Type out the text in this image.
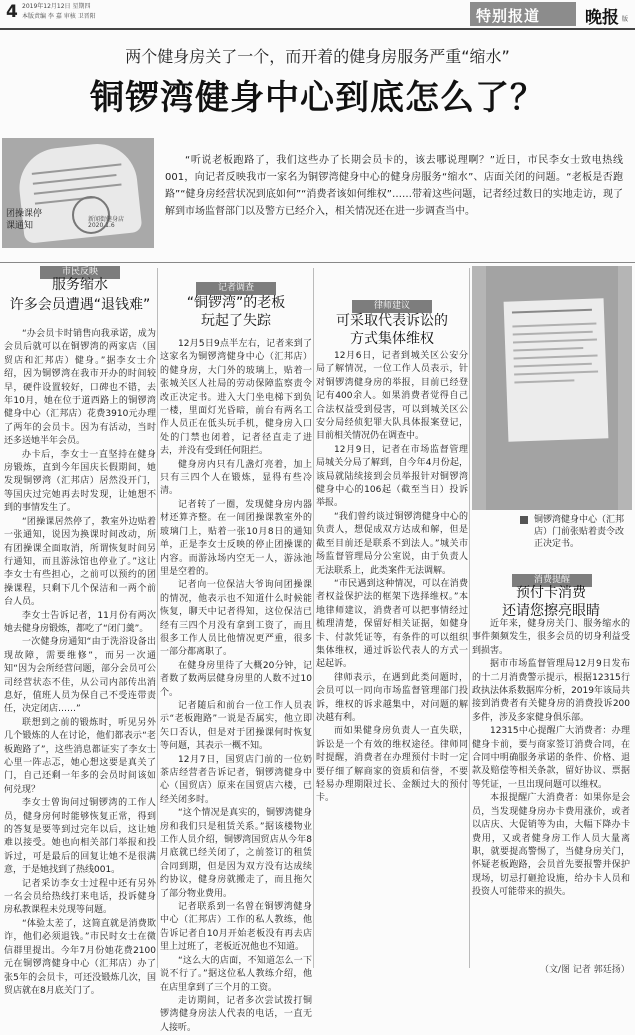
4 2019年12月12日 星期四
本版责编 李 嘉 审核 卫晋阳	特别报道	晚报 版
两个健身房关了一个，而开着的健身房服务严重“缩水”
铜锣湾健身中心到底怎么了？
团操课停
课通知
新闻街健身店
2020.1.6
“听说老板跑路了，我们这些办了长期会员卡的，该去哪说理啊？”近日，市民李女士致电热线001，向记者反映我市一家名为铜锣湾健身中心的健身房服务“缩水”、店面关闭的问题。“老板是否跑路”“健身房经营状况到底如何”“消费者该如何维权”……带着这些问题，记者经过数日的实地走访，现了解到市场监督部门以及警方已经介入，相关情况还在进一步调查当中。
市民反映
服务缩水
许多会员遭遇“退钱难”

“办会员卡时销售向我承诺，成为会员后就可以在铜锣湾的两家店（国贸店和汇邦店）健身。”据李女士介绍，因为铜锣湾在我市开办的时间较早，硬件设置较好，口碑也不错，去年10月，她在位于道西路上的铜锣湾健身中心（汇邦店）花费3910元办理了两年的会员卡。因为有活动，当时还多送她半年会员。

办卡后，李女士一直坚持在健身房锻炼，直到今年国庆长假期间，她发现铜锣湾（汇邦店）居然没开门，等国庆过完她再去时发现，让她想不到的事情发生了。

“团操课居然停了，教室外边贴着一张通知，说因为换课时间改动，所有团操课全面取消，所谓恢复时间另行通知，而且游泳馆也停业了。”这让李女士有些担心，之前可以预约的团操课程，只剩下几个保洁和一两个前台人员。

李女士告诉记者，11月份有两次她去健身房锻炼，都吃了“闭门羹”。

一次健身房通知“由于洗浴设备出现故障，需要维修”，而另一次通知“因为会所经营问题，部分会员可公司经营状态不佳，从公司内部传出消息好，值班人员为保自己不受连带责任，决定闭店……”

联想到之前的锻炼时，听见另外几个锻炼的人在讨论，他们都表示“老板跑路了”，这些消息都证实了李女士心里一阵忐忑，她心想这要是真关了门，自己还剩一年多的会员时间该如何兑现？

李女士曾询问过铜锣湾的工作人员，健身房何时能够恢复正常，得到的答复是要等到过完年以后，这让她难以接受。她也向相关部门举报和投诉过，可是最后的回复让她不是很满意，于是她找到了热线001。

记者采访李女士过程中还有另外一名会员给热线打来电话，投诉健身房私教课程未兑现等问题。

“体验太差了，这简直就是消费欺诈，他们必须退钱。”市民时女士在微信群里提出。今年7月份她花费2100元在铜锣湾健身中心（汇邦店）办了张5年的会员卡，可还没锻炼几次，国贸店就在8月底关门了。

记者调查
“铜锣湾”的老板
玩起了失踪

12月5日9点半左右，记者来到了这家名为铜锣湾健身中心（汇邦店）的健身房，大门外的玻璃上，贴着一张城关区人社局的劳动保障监察责令改正决定书。进入大门坐电梯下到负一楼，里面灯光昏暗，前台有两名工作人员正在低头玩手机，健身房入口处的门禁也闭着，记者径直走了进去，并没有受到任何阻拦。

健身房内只有几盏灯亮着，加上只有三四个人在锻炼，显得有些冷清。

记者转了一圈，发现健身房内器材还算齐整。在一间团操课教室外的玻璃门上，贴着一张10月8日的通知单，正是李女士反映的停止团操课的内容。而游泳场内空无一人，游泳池里是空着的。

记者向一位保洁大爷询问团操课的情况，他表示也不知道什么时候能恢复，聊天中记者得知，这位保洁已经有三四个月没有拿到工资了，而且很多工作人员比他情况更严重，很多一部分都离职了。

在健身房里待了大概20分钟，记者数了数两层健身房里的人数不过10个。

记者随后和前台一位工作人员表示“老板跑路”一说是否属实，他立即矢口否认，但是对于团操课何时恢复等问题，其表示一概不知。

12月7日，国贸店门前的一位奶茶店经营者告诉记者，铜锣湾健身中心（国贸店）原来在国贸店六楼，已经关闭多时。

“这个情况是真实的，铜锣湾健身房和我们只是租赁关系。”据该楼物业工作人员介绍，铜锣湾国贸店从今年8月底就已经关闭了，之前签订的租赁合同到期，但是因为双方没有达成续约协议，健身房就搬走了，而且拖欠了部分物业费用。

记者联系到一名曾在铜锣湾健身中心（汇邦店）工作的私人教练，他告诉记者自10月开始老板没有再去店里上过班了，老板近况他也不知道。

“这么大的店面，不知道怎么一下说不行了。”据这位私人教练介绍，他在店里拿到了三个月的工资。

走访期间，记者多次尝试拨打铜锣湾健身房法人代表的电话，一直无人接听。

律师建议
可采取代表诉讼的
方式集体维权

12月6日，记者到城关区公安分局了解情况，一位工作人员表示，针对铜锣湾健身房的举报，目前已经登记有400余人。如果消费者觉得自己合法权益受到侵害，可以到城关区公安分局经侦犯罪大队具体报案登记，目前相关情况仍在调查中。

12月9日，记者在市场监督管理局城关分局了解到，自今年4月份起，该局就陆续接到会员举报针对铜锣湾健身中心的106起（截至当日）投诉举报。

“我们曾约谈过铜锣湾健身中心的负责人，想促成双方达成和解，但是截至目前还是联系不到法人。”城关市场监督管理局分公室说，由于负责人无法联系上，此类案件无法调解。

“市民遇到这种情况，可以在消费者权益保护法的框架下选择维权。”本地律师建议，消费者可以把事情经过梳理清楚，保留好相关证据，如健身卡、付款凭证等，有条件的可以组织集体维权，通过诉讼代表人的方式一起起诉。

律师表示，在遇到此类问题时，会员可以一同向市场监督管理部门投诉，维权的诉求越集中，对问题的解决越有利。

而如果健身房负责人一直失联，诉讼是一个有效的维权途径。律师同时提醒，消费者在办理预付卡时一定要仔细了解商家的资质和信誉，不要轻易办理期限过长、金额过大的预付卡。

铜锣湾健身中心（汇邦店）门前张贴着责令改正决定书。
消费提醒
预付卡消费
还请您擦亮眼睛

近年来，健身房关门、服务缩水的事件频频发生，很多会员的切身利益受到损害。

据市市场监督管理局12月9日发布的十二月消费警示提示，根据12315行政执法体系数据库分析，2019年该局共接到消费者有关健身房的消费投诉200多件，涉及多家健身俱乐部。

12315中心提醒广大消费者：办理健身卡前，要与商家签订消费合同，在合同中明确服务承诺的条件、价格、退款及赔偿等相关条款，留好协议、票据等凭证，一旦出现问题可以维权。

本报提醒广大消费者：如果你是会员，当发现健身房办卡费用涨价，或者以店庆、大促销等为由，大幅下降办卡费用，又或者健身房工作人员大量离职，就要提高警惕了，当健身房关门，怀疑老板跑路，会员首先要报警并保护现场，切忌打砸抢设施，给办卡人员和投资人可能带来的损失。

（文/图 记者 郭廷扬）
